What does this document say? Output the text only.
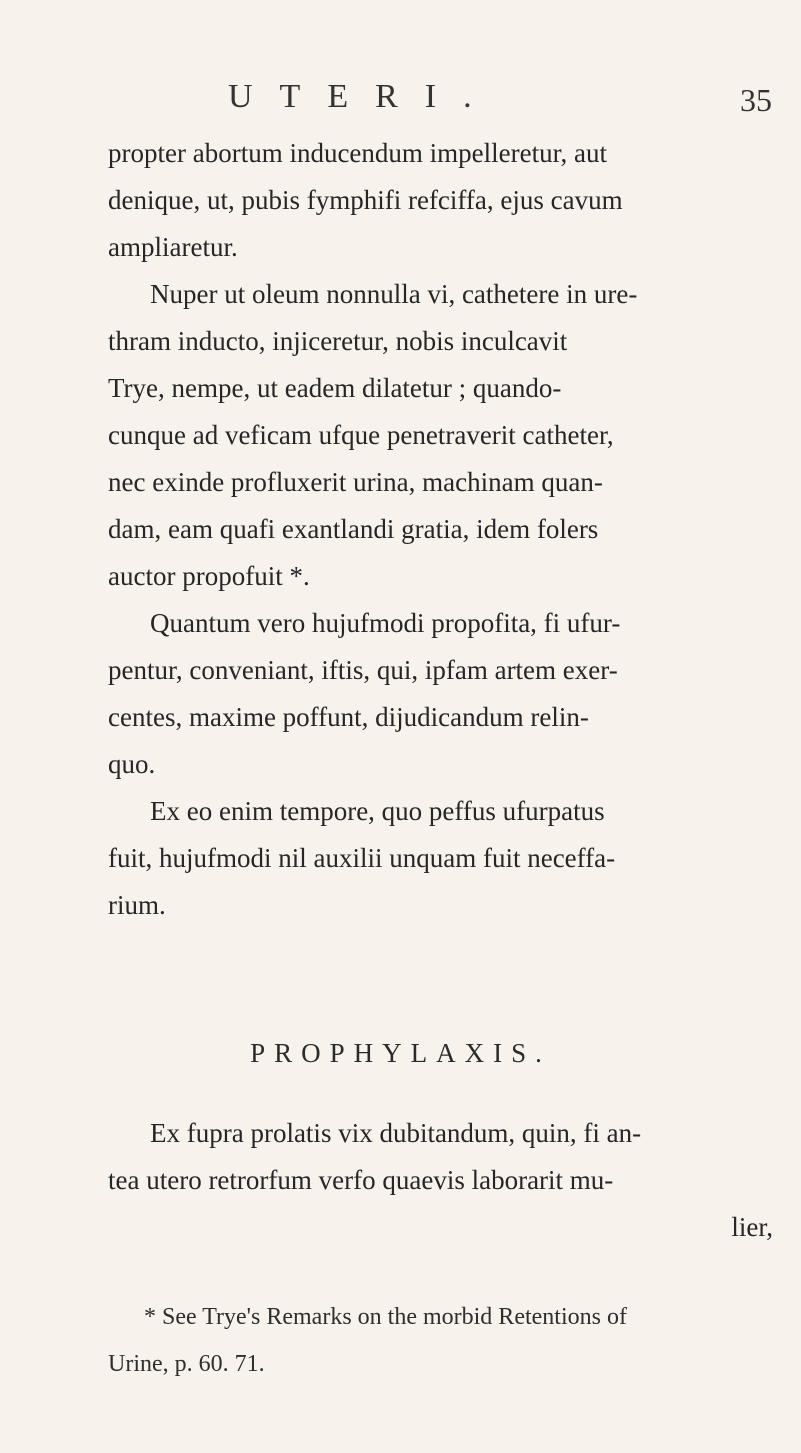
UTERI.	35
propter abortum inducendum impelleretur, aut
denique, ut, pubis fymphifi refciffa, ejus cavum
ampliaretur.
Nuper ut oleum nonnulla vi, cathetere in ure-
thram inducto, injiceretur, nobis inculcavit
Trye, nempe, ut eadem dilatetur ; quando-
cunque ad veficam ufque penetraverit catheter,
nec exinde profluxerit urina, machinam quan-
dam, eam quafi exantlandi gratia, idem folers
auctor propofuit *.
Quantum vero hujufmodi propofita, fi ufur-
pentur, conveniant, iftis, qui, ipfam artem exer-
centes, maxime poffunt, dijudicandum relin-
quo.
Ex eo enim tempore, quo peffus ufurpatus
fuit, hujufmodi nil auxilii unquam fuit neceffa-
rium.
PROPHYLAXIS.
Ex fupra prolatis vix dubitandum, quin, fi an-
tea utero retrorfum verfo quaevis laborarit mu-
lier,
* See Trye's Remarks on the morbid Retentions of
Urine, p. 60. 71.
